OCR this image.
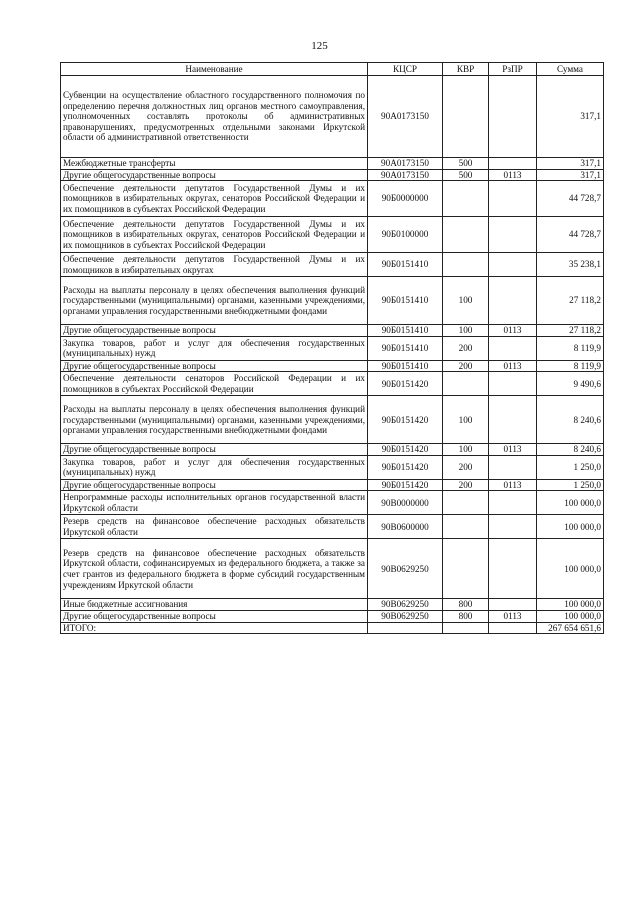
125
Наименование	КЦСР	КВР	РзПР	Сумма
Субвенции на осуществление областного государственного полномочия по определению перечня должностных лиц органов местного самоуправления, уполномоченных составлять протоколы об административных правонарушениях, предусмотренных отдельными законами Иркутской области об административной ответственности	90А0173150			317,1
Межбюджетные трансферты	90А0173150	500		317,1
Другие общегосударственные вопросы	90А0173150	500	0113	317,1
Обеспечение деятельности депутатов Государственной Думы и их помощников в избирательных округах, сенаторов Российской Федерации и их помощников в субъектах Российской Федерации	90Б0000000			44 728,7
Обеспечение деятельности депутатов Государственной Думы и их помощников в избирательных округах, сенаторов Российской Федерации и их помощников в субъектах Российской Федерации	90Б0100000			44 728,7
Обеспечение деятельности депутатов Государственной Думы и их помощников в избирательных округах	90Б0151410			35 238,1
Расходы на выплаты персоналу в целях обеспечения выполнения функций государственными (муниципальными) органами, казенными учреждениями, органами управления государственными внебюджетными фондами	90Б0151410	100		27 118,2
Другие общегосударственные вопросы	90Б0151410	100	0113	27 118,2
Закупка товаров, работ и услуг для обеспечения государственных (муниципальных) нужд	90Б0151410	200		8 119,9
Другие общегосударственные вопросы	90Б0151410	200	0113	8 119,9
Обеспечение деятельности сенаторов Российской Федерации и их помощников в субъектах Российской Федерации	90Б0151420			9 490,6
Расходы на выплаты персоналу в целях обеспечения выполнения функций государственными (муниципальными) органами, казенными учреждениями, органами управления государственными внебюджетными фондами	90Б0151420	100		8 240,6
Другие общегосударственные вопросы	90Б0151420	100	0113	8 240,6
Закупка товаров, работ и услуг для обеспечения государственных (муниципальных) нужд	90Б0151420	200		1 250,0
Другие общегосударственные вопросы	90Б0151420	200	0113	1 250,0
Непрограммные расходы исполнительных органов государственной власти Иркутской области	90В0000000			100 000,0
Резерв средств на финансовое обеспечение расходных обязательств Иркутской области	90В0600000			100 000,0
Резерв средств на финансовое обеспечение расходных обязательств Иркутской области, софинансируемых из федерального бюджета, а также за счет грантов из федерального бюджета в форме субсидий государственным учреждениям Иркутской области	90В0629250			100 000,0
Иные бюджетные ассигнования	90В0629250	800		100 000,0
Другие общегосударственные вопросы	90В0629250	800	0113	100 000,0
ИТОГО:				267 654 651,6
